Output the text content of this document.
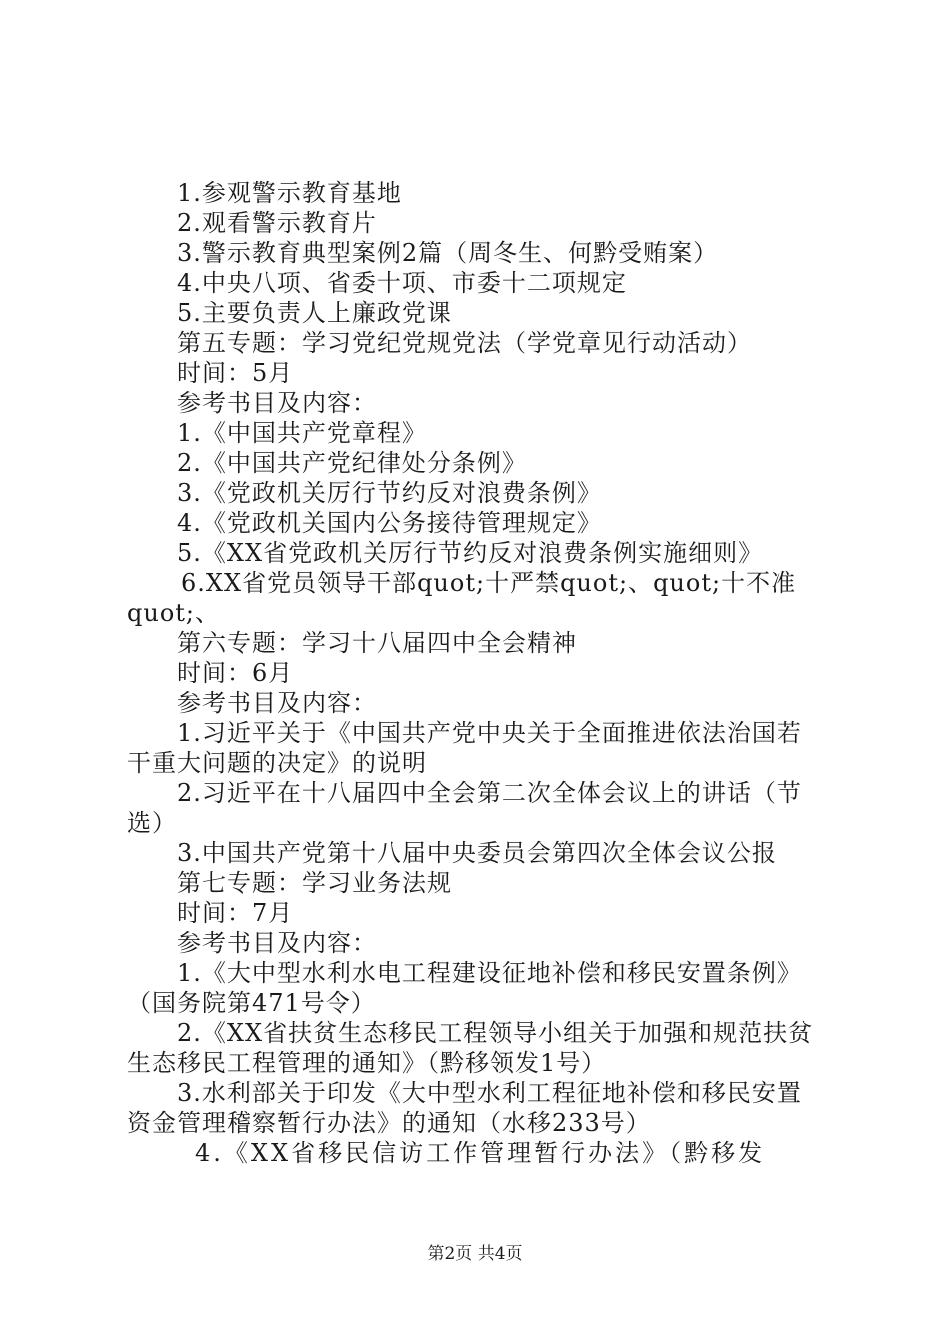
1.参观警示教育基地
2.观看警示教育片
3.警示教育典型案例2篇（周冬生、何黔受贿案）
4.中央八项、省委十项、市委十二项规定
5.主要负责人上廉政党课
第五专题：学习党纪党规党法（学党章见行动活动）
时间：5月
参考书目及内容：
1.《中国共产党章程》
2.《中国共产党纪律处分条例》
3.《党政机关厉行节约反对浪费条例》
4.《党政机关国内公务接待管理规定》
5.《XX省党政机关厉行节约反对浪费条例实施细则》
6.XX省党员领导干部quot;十严禁quot;、quot;十不准
quot;、
第六专题：学习十八届四中全会精神
时间：6月
参考书目及内容：
1.习近平关于《中国共产党中央关于全面推进依法治国若
干重大问题的决定》的说明
2.习近平在十八届四中全会第二次全体会议上的讲话（节
选）
3.中国共产党第十八届中央委员会第四次全体会议公报
第七专题：学习业务法规
时间：7月
参考书目及内容：
1.《大中型水利水电工程建设征地补偿和移民安置条例》
（国务院第471号令）
2.《XX省扶贫生态移民工程领导小组关于加强和规范扶贫
生态移民工程管理的通知》（黔移领发1号）
3.水利部关于印发《大中型水利工程征地补偿和移民安置
资金管理稽察暂行办法》的通知（水移233号）
4.《XX省移民信访工作管理暂行办法》（黔移发
第2页 共4页
